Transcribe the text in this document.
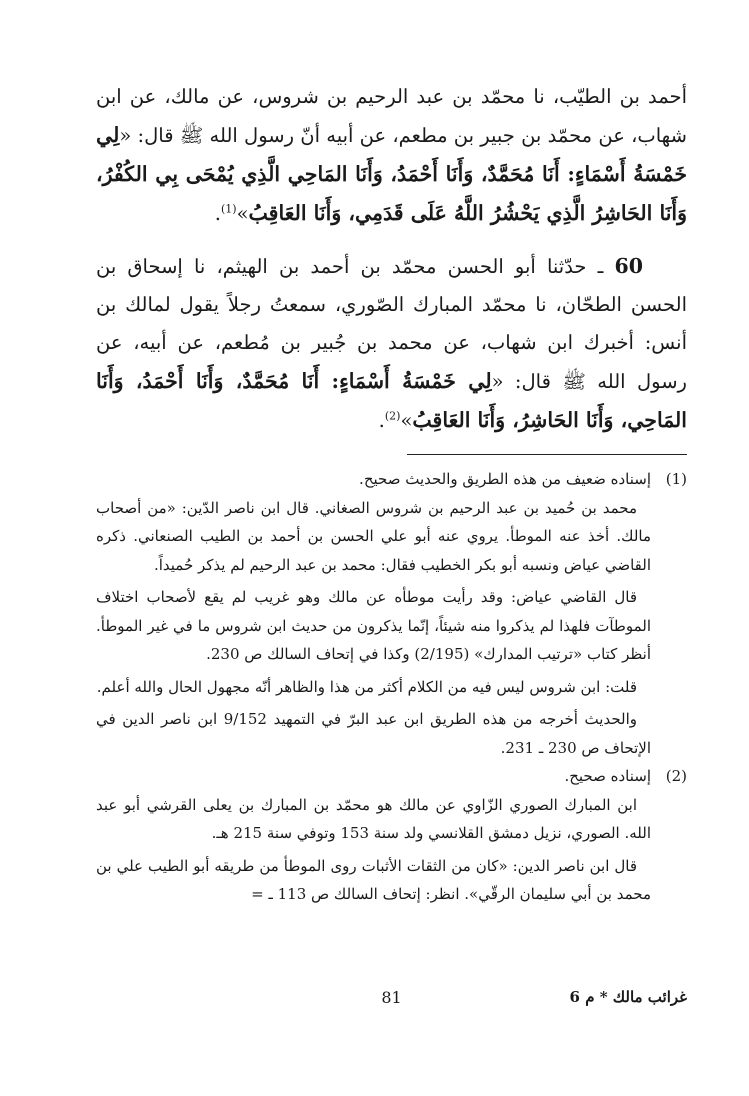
أحمد بن الطيّب، نا محمّد بن عبد الرحيم بن شروس، عن مالك، عن ابن شهاب، عن محمّد بن جبير بن مطعم، عن أبيه أنّ رسول الله ﷺ قال: «لِي خَمْسَةُ أَسْمَاءٍ: أَنَا مُحَمَّدٌ، وَأَنَا أَحْمَدُ، وَأَنَا المَاحِي الَّذِي يُمْحَى بِي الكُفْرُ، وَأَنَا الحَاشِرُ الَّذِي يَحْشُرُ اللَّهُ عَلَى قَدَمِي، وَأَنَا العَاقِبُ»$^{(1)}$.

60 ـ حدّثنا أبو الحسن محمّد بن أحمد بن الهيثم، نا إسحاق بن الحسن الطحّان، نا محمّد المبارك الصّوري، سمعتُ رجلاً يقول لمالك بن أنس: أخبرك ابن شهاب، عن محمد بن جُبير بن مُطعم، عن أبيه، عن رسول الله ﷺ قال: «لِي خَمْسَةُ أَسْمَاءٍ: أَنَا مُحَمَّدٌ، وَأَنَا أَحْمَدُ، وَأَنَا المَاحِي، وَأَنَا الحَاشِرُ، وَأَنَا العَاقِبُ»$^{(2)}$.

(1)

إسناده ضعيف من هذه الطريق والحديث صحيح.

محمد بن حُميد بن عبد الرحيم بن شروس الصغاني. قال ابن ناصر الدّين: «من أصحاب مالك. أخذ عنه الموطأ. يروي عنه أبو علي الحسن بن أحمد بن الطيب الصنعاني. ذكره القاضي عياض ونسبه أبو بكر الخطيب فقال: محمد بن عبد الرحيم لم يذكر حُميداً.

قال القاضي عياض: وقد رأيت موطأه عن مالك وهو غريب لم يقع لأصحاب اختلاف الموطآت فلهذا لم يذكروا منه شيئاً، إنّما يذكرون من حديث ابن شروس ما في غير الموطأ. أنظر كتاب «ترتيب المدارك» (2/195) وكذا في إتحاف السالك ص 230.

قلت: ابن شروس ليس فيه من الكلام أكثر من هذا والظاهر أنّه مجهول الحال والله أعلم.

والحديث أخرجه من هذه الطريق ابن عبد البرّ في التمهيد 9/152 ابن ناصر الدين في الإتحاف ص 230 ـ 231.

(2)

إسناده صحيح.

ابن المبارك الصوري الزّاوي عن مالك هو محمّد بن المبارك بن يعلى القرشي أبو عبد الله. الصوري، نزيل دمشق القلانسي ولد سنة 153 وتوفي سنة 215 هـ.

قال ابن ناصر الدين: «كان من الثقات الأثبات روى الموطأ من طريقه أبو الطيب علي بن محمد بن أبي سليمان الرقّي». انظر: إتحاف السالك ص 113 ـ =

غرائب مالك * م 6
81
